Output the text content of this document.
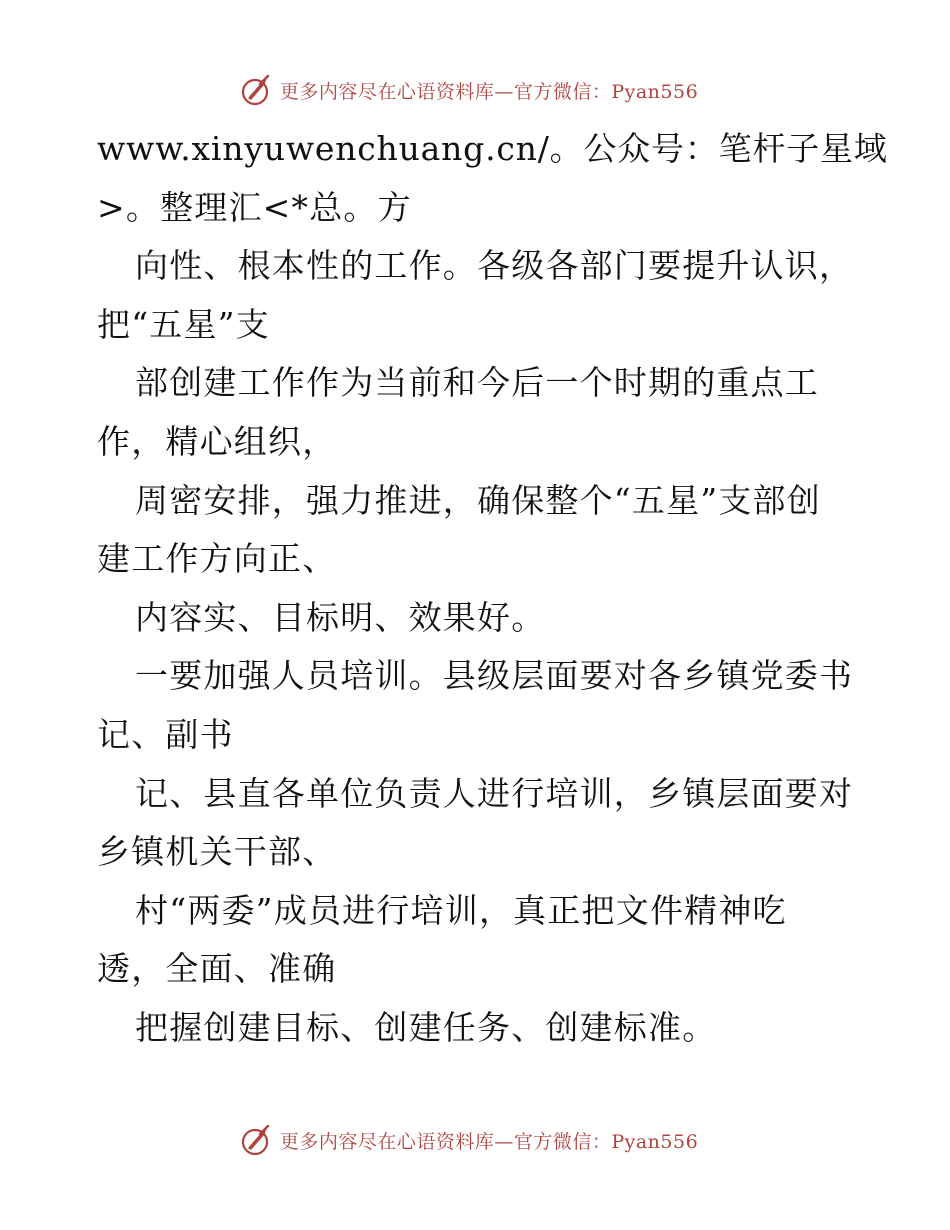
更多内容尽在心语资料库—官方微信：Pyan556
www.xinyuwenchuang.cn/。公众号：笔杆子星域
>。整理汇<*总。方
向性、根本性的工作。各级各部门要提升认识，
把“五星”支
部创建工作作为当前和今后一个时期的重点工
作，精心组织，
周密安排，强力推进，确保整个“五星”支部创
建工作方向正、
内容实、目标明、效果好。
一要加强人员培训。县级层面要对各乡镇党委书
记、副书
记、县直各单位负责人进行培训，乡镇层面要对
乡镇机关干部、
村“两委”成员进行培训，真正把文件精神吃
透，全面、准确
把握创建目标、创建任务、创建标准。
更多内容尽在心语资料库—官方微信：Pyan556
